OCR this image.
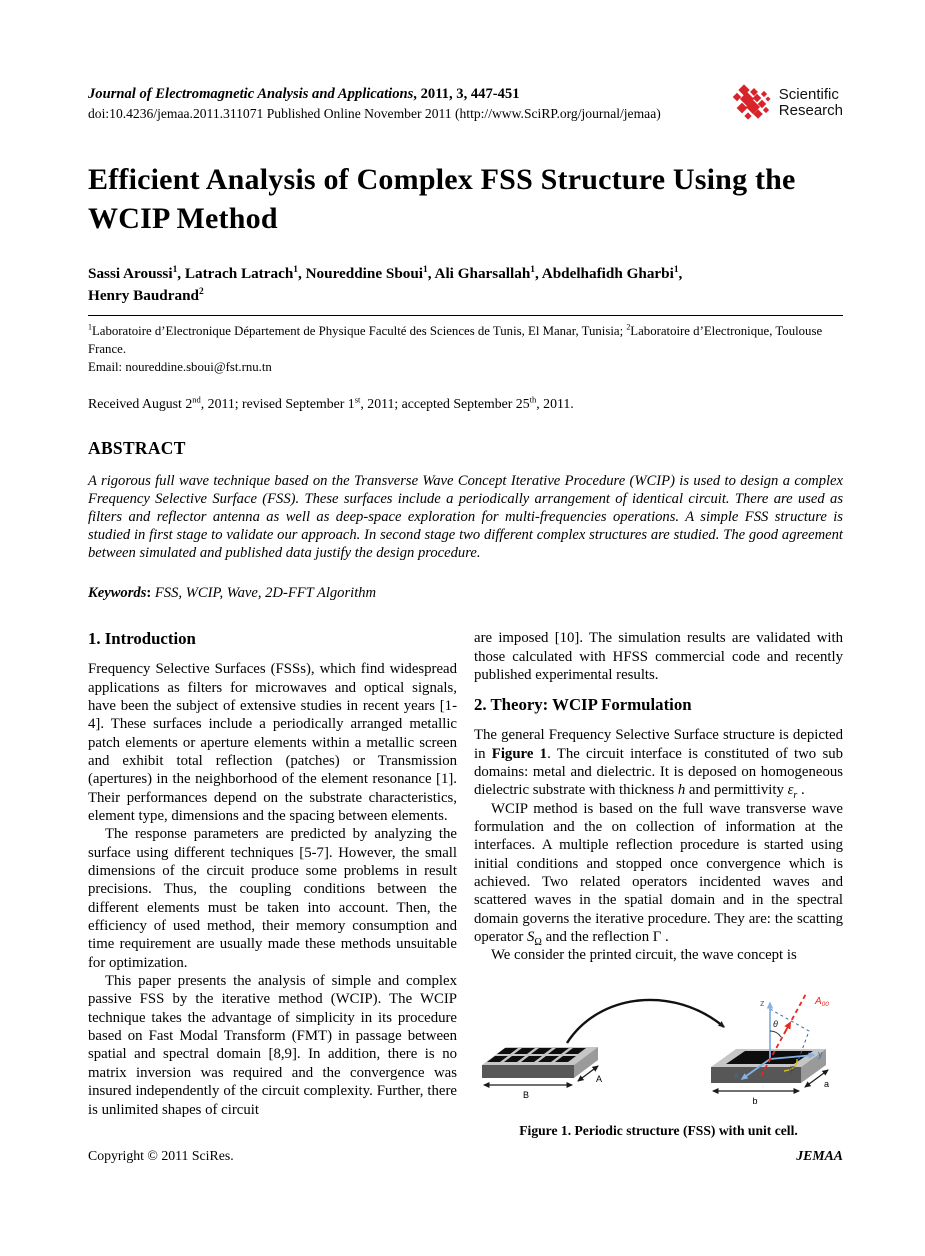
Journal of Electromagnetic Analysis and Applications, 2011, 3, 447-451
doi:10.4236/jemaa.2011.311071 Published Online November 2011 (http://www.SciRP.org/journal/jemaa)
Scientific
Research
Efficient Analysis of Complex FSS Structure Using the WCIP Method
Sassi Aroussi$^1$, Latrach Latrach$^1$, Noureddine Sboui$^1$, Ali Gharsallah$^1$, Abdelhafidh Gharbi$^1$,
Henry Baudrand$^2$
$^1$Laboratoire d’Electronique Département de Physique Faculté des Sciences de Tunis, El Manar, Tunisia; $^2$Laboratoire d’Electronique, Toulouse France.
Email: noureddine.sboui@fst.rnu.tn
Received August 2nd, 2011; revised September 1st, 2011; accepted September 25th, 2011.
ABSTRACT

A rigorous full wave technique based on the Transverse Wave Concept Iterative Procedure (WCIP) is used to design a complex Frequency Selective Surface (FSS). These surfaces include a periodically arrangement of identical circuit. There are used as filters and reflector antenna as well as deep-space exploration for multi-frequencies operations. A simple FSS structure is studied in first stage to validate our approach. In second stage two different complex structures are studied. The good agreement between simulated and published data justify the design procedure.

Keywords: FSS, WCIP, Wave, 2D-FFT Algorithm
1. Introduction

Frequency Selective Surfaces (FSSs), which find widespread applications as filters for microwaves and optical signals, have been the subject of extensive studies in recent years [1-4]. These surfaces include a periodically arranged metallic patch elements or aperture elements within a metallic screen and exhibit total reflection (patches) or Transmission (apertures) in the neighborhood of the element resonance [1]. Their performances depend on the substrate characteristics, element type, dimensions and the spacing between elements.

The response parameters are predicted by analyzing the surface using different techniques [5-7]. However, the small dimensions of the circuit produce some problems in result precisions. Thus, the coupling conditions between the different elements must be taken into account. Then, the efficiency of used method, their memory consumption and time requirement are usually made these methods unsuitable for optimization.

This paper presents the analysis of simple and complex passive FSS by the iterative method (WCIP). The WCIP technique takes the advantage of simplicity in its procedure based on Fast Modal Transform (FMT) in passage between spatial and spectral domain [8,9]. In addition, there is no matrix inversion was required and the convergence was insured independently of the circuit complexity. Further, there is unlimited shapes of circuit

are imposed [10]. The simulation results are validated with those calculated with HFSS commercial code and recently published experimental results.

2. Theory: WCIP Formulation

The general Frequency Selective Surface structure is depicted in Figure 1. The circuit interface is constituted of two sub domains: metal and dielectric. It is deposed on homogeneous dielectric substrate with thickness h and permittivity $\varepsilon_r$ .

WCIP method is based on the full wave transverse wave formulation and the on collection of information at the interfaces. A multiple reflection procedure is started using initial conditions and stopped once convergence which is achieved. Two related operators incidented waves and scattered waves in the spatial domain and in the spectral domain governs the iterative procedure. They are: the scatting operator $S_\Omega$ and the reflection Γ .

We consider the printed circuit, the wave concept is

B
A
z
x
y
$A_{00}$
θ
φ
b
a
Figure 1. Periodic structure (FSS) with unit cell.
Copyright © 2011 SciRes.	JEMAA
